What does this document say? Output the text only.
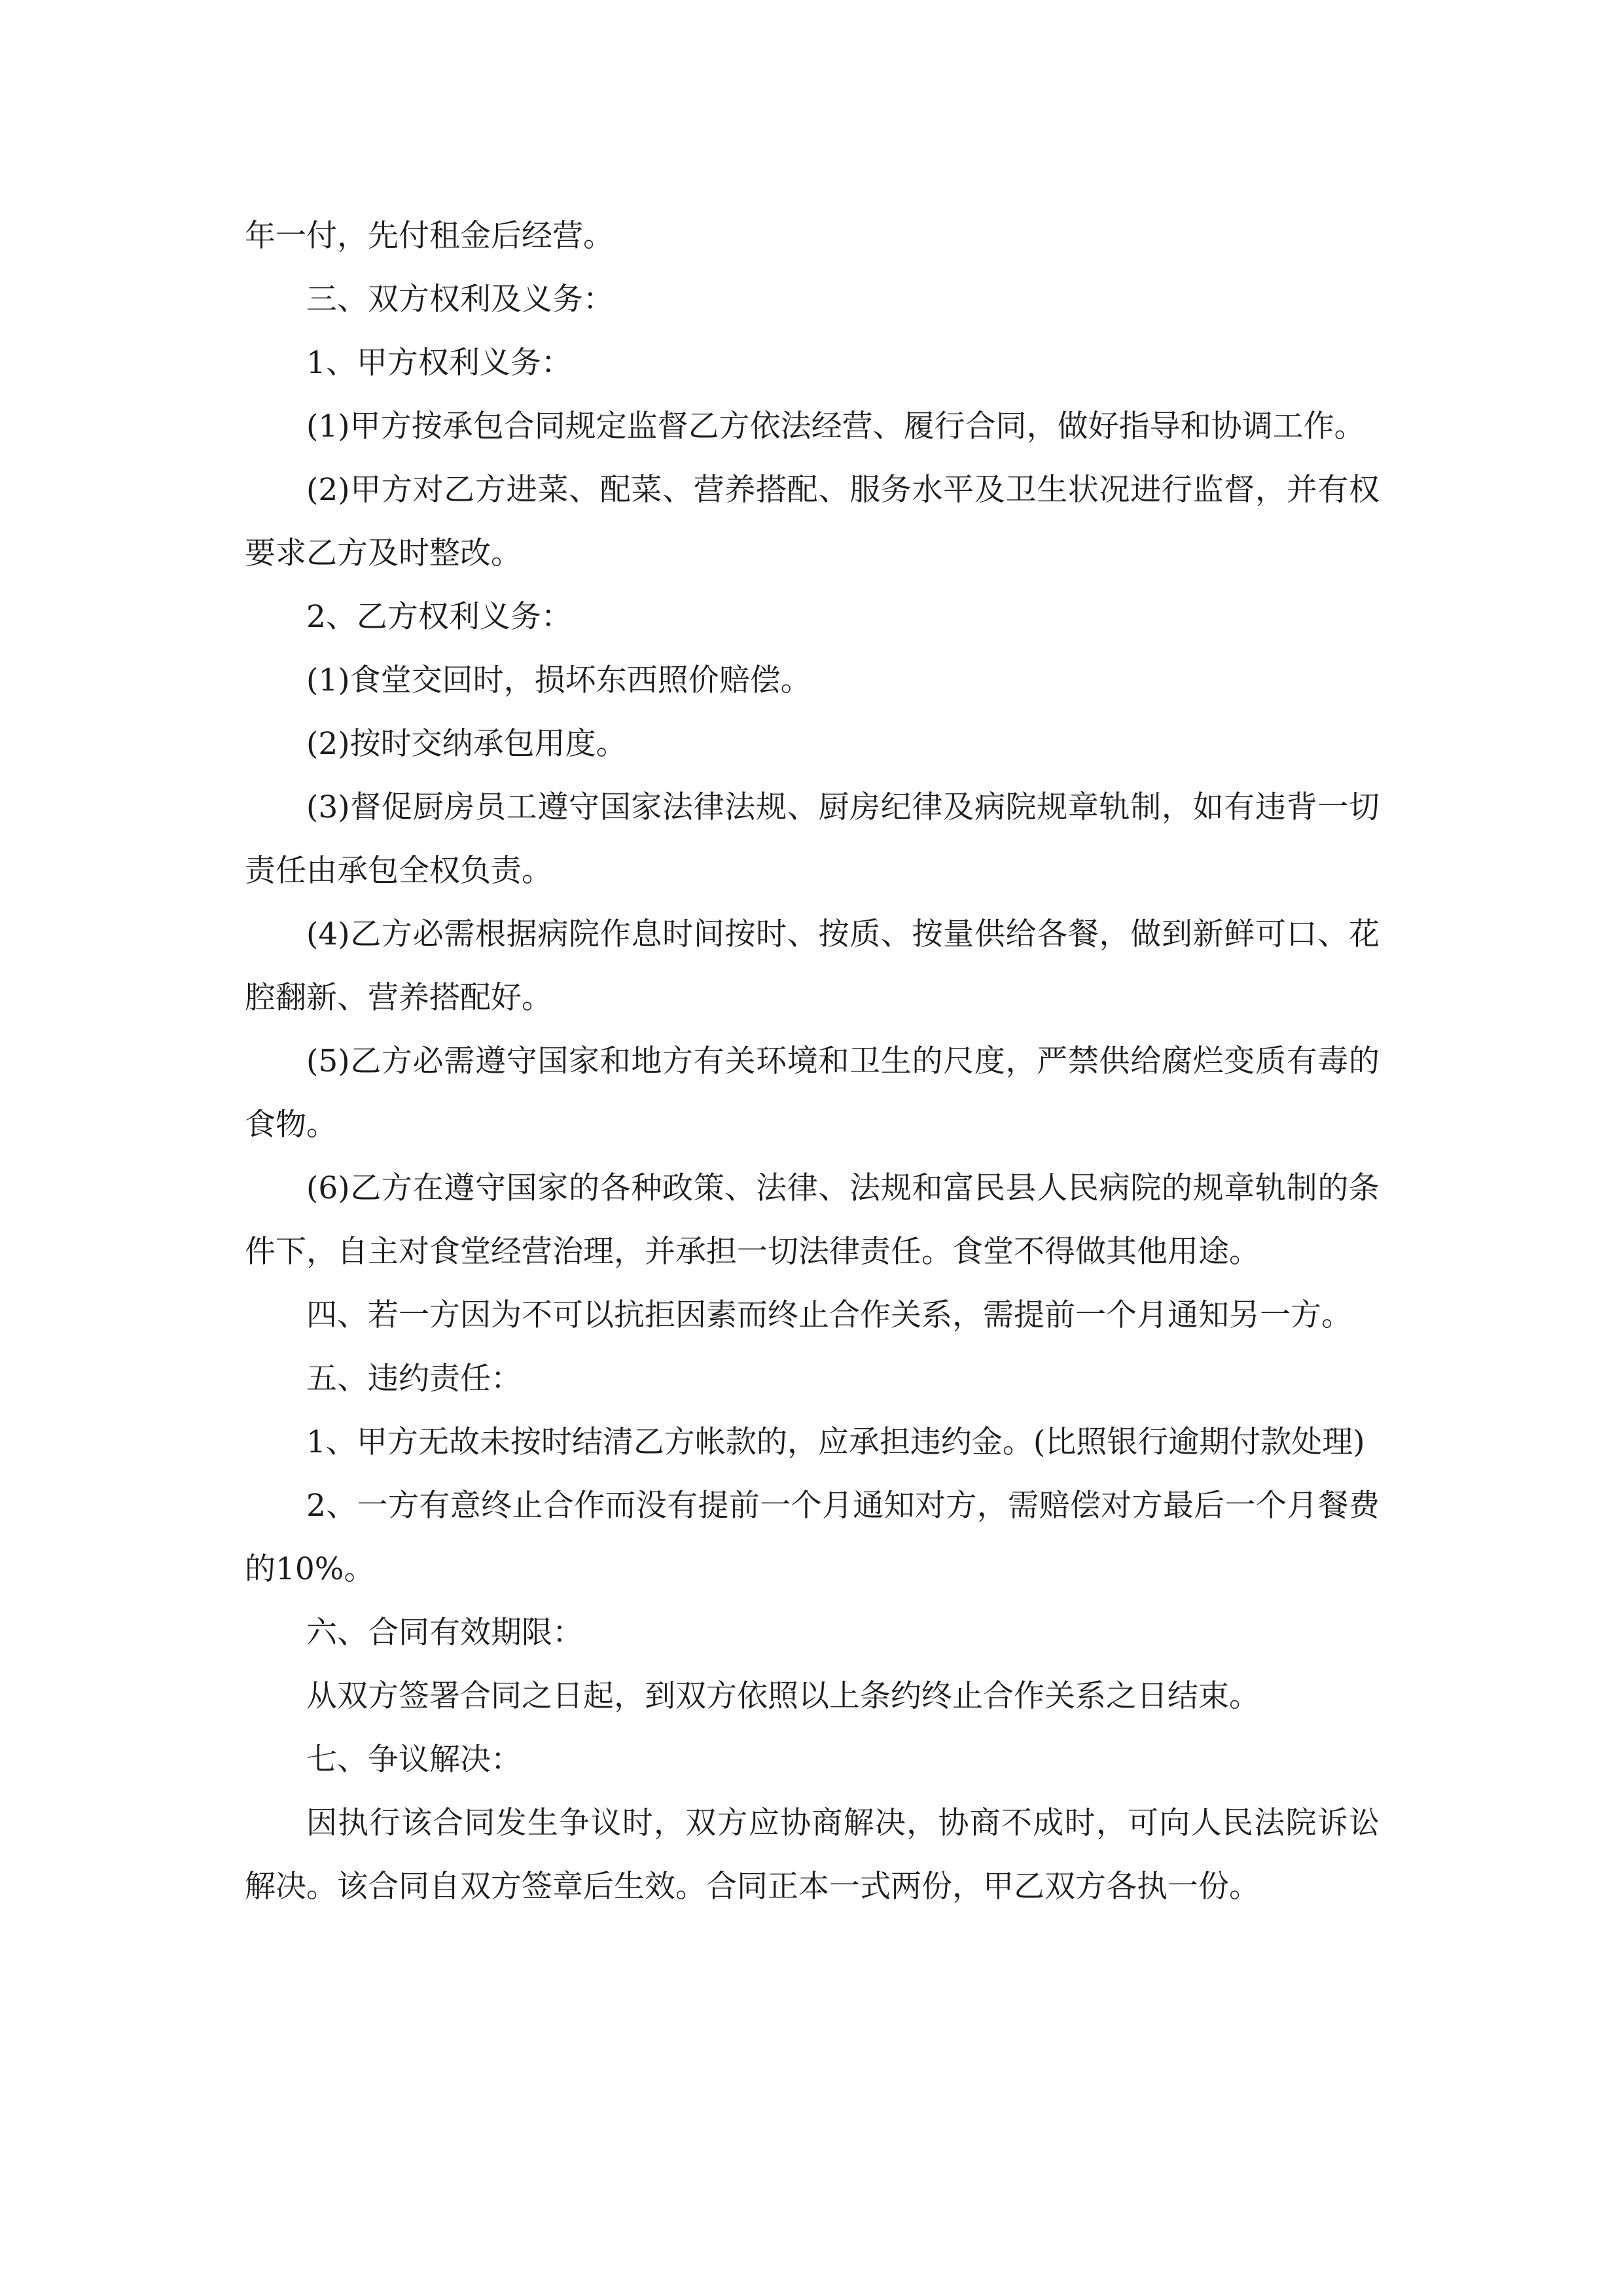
年一付，先付租金后经营。

三、双方权利及义务：

1、甲方权利义务：

(1)甲方按承包合同规定监督乙方依法经营、履行合同，做好指导和协调工作。

(2)甲方对乙方进菜、配菜、营养搭配、服务水平及卫生状况进行监督，并有权要求乙方及时整改。

2、乙方权利义务：

(1)食堂交回时，损坏东西照价赔偿。

(2)按时交纳承包用度。

(3)督促厨房员工遵守国家法律法规、厨房纪律及病院规章轨制，如有违背一切责任由承包全权负责。

(4)乙方必需根据病院作息时间按时、按质、按量供给各餐，做到新鲜可口、花腔翻新、营养搭配好。

(5)乙方必需遵守国家和地方有关环境和卫生的尺度，严禁供给腐烂变质有毒的食物。

(6)乙方在遵守国家的各种政策、法律、法规和富民县人民病院的规章轨制的条件下，自主对食堂经营治理，并承担一切法律责任。食堂不得做其他用途。

四、若一方因为不可以抗拒因素而终止合作关系，需提前一个月通知另一方。

五、违约责任：

1、甲方无故未按时结清乙方帐款的，应承担违约金。(比照银行逾期付款处理)

2、一方有意终止合作而没有提前一个月通知对方，需赔偿对方最后一个月餐费的10%。

六、合同有效期限：

从双方签署合同之日起，到双方依照以上条约终止合作关系之日结束。

七、争议解决：

因执行该合同发生争议时，双方应协商解决，协商不成时，可向人民法院诉讼解决。该合同自双方签章后生效。合同正本一式两份，甲乙双方各执一份。
